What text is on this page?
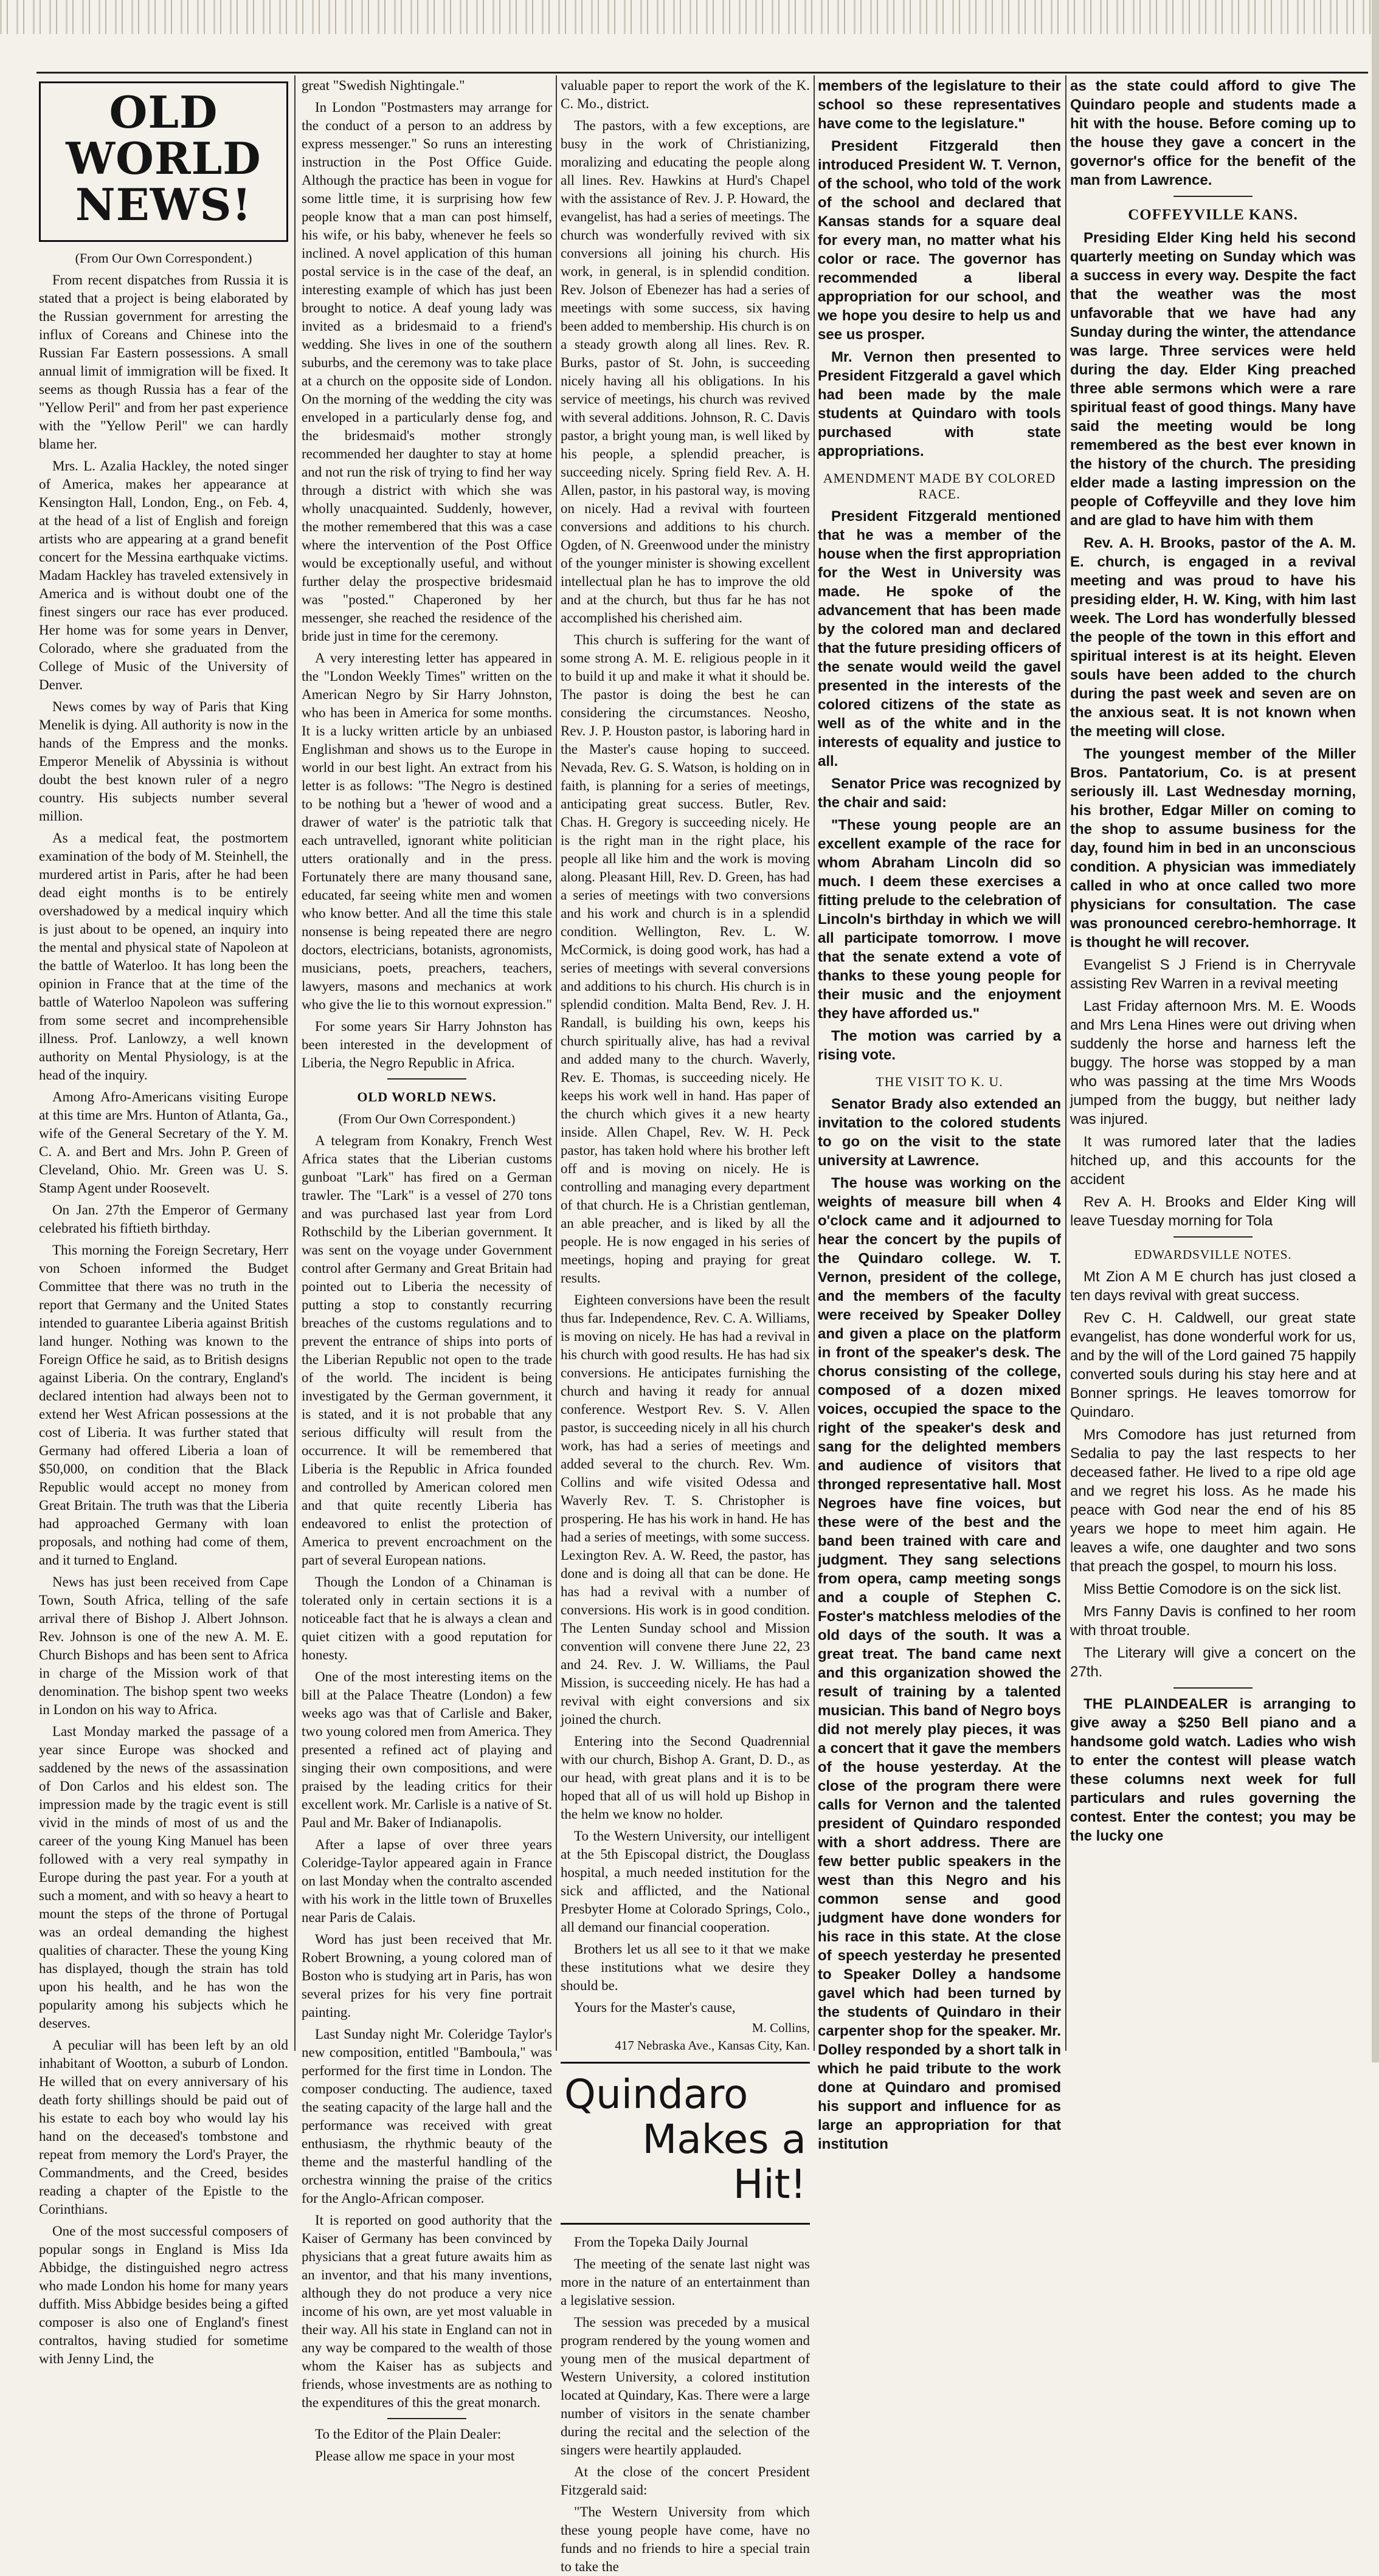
OLD WORLD NEWS!
(From Our Own Correspondent.)

From recent dispatches from Russia it is stated that a project is being elaborated by the Russian government for arresting the influx of Coreans and Chinese into the Russian Far Eastern possessions. A small annual limit of immigration will be fixed. It seems as though Russia has a fear of the "Yellow Peril" and from her past experience with the "Yellow Peril" we can hardly blame her.

Mrs. L. Azalia Hackley, the noted singer of America, makes her appearance at Kensington Hall, London, Eng., on Feb. 4, at the head of a list of English and foreign artists who are appearing at a grand benefit concert for the Messina earthquake victims. Madam Hackley has traveled extensively in America and is without doubt one of the finest singers our race has ever produced. Her home was for some years in Denver, Colorado, where she graduated from the College of Music of the University of Denver.

News comes by way of Paris that King Menelik is dying. All authority is now in the hands of the Empress and the monks. Emperor Menelik of Abyssinia is without doubt the best known ruler of a negro country. His subjects number several million.

As a medical feat, the postmortem examination of the body of M. Steinhell, the murdered artist in Paris, after he had been dead eight months is to be entirely overshadowed by a medical inquiry which is just about to be opened, an inquiry into the mental and physical state of Napoleon at the battle of Waterloo. It has long been the opinion in France that at the time of the battle of Waterloo Napoleon was suffering from some secret and incomprehensible illness. Prof. Lanlowzy, a well known authority on Mental Physiology, is at the head of the inquiry.

Among Afro-Americans visiting Europe at this time are Mrs. Hunton of Atlanta, Ga., wife of the General Secretary of the Y. M. C. A. and Bert and Mrs. John P. Green of Cleveland, Ohio. Mr. Green was U. S. Stamp Agent under Roosevelt.

On Jan. 27th the Emperor of Germany celebrated his fiftieth birthday.

This morning the Foreign Secretary, Herr von Schoen informed the Budget Committee that there was no truth in the report that Germany and the United States intended to guarantee Liberia against British land hunger. Nothing was known to the Foreign Office he said, as to British designs against Liberia. On the contrary, England's declared intention had always been not to extend her West African possessions at the cost of Liberia. It was further stated that Germany had offered Liberia a loan of $50,000, on condition that the Black Republic would accept no money from Great Britain. The truth was that the Liberia had approached Germany with loan proposals, and nothing had come of them, and it turned to England.

News has just been received from Cape Town, South Africa, telling of the safe arrival there of Bishop J. Albert Johnson. Rev. Johnson is one of the new A. M. E. Church Bishops and has been sent to Africa in charge of the Mission work of that denomination. The bishop spent two weeks in London on his way to Africa.

Last Monday marked the passage of a year since Europe was shocked and saddened by the news of the assassination of Don Carlos and his eldest son. The impression made by the tragic event is still vivid in the minds of most of us and the career of the young King Manuel has been followed with a very real sympathy in Europe during the past year. For a youth at such a moment, and with so heavy a heart to mount the steps of the throne of Portugal was an ordeal demanding the highest qualities of character. These the young King has displayed, though the strain has told upon his health, and he has won the popularity among his subjects which he deserves.

A peculiar will has been left by an old inhabitant of Wootton, a suburb of London. He willed that on every anniversary of his death forty shillings should be paid out of his estate to each boy who would lay his hand on the deceased's tombstone and repeat from memory the Lord's Prayer, the Commandments, and the Creed, besides reading a chapter of the Epistle to the Corinthians.

One of the most successful composers of popular songs in England is Miss Ida Abbidge, the distinguished negro actress who made London his home for many years duffith. Miss Abbidge besides being a gifted composer is also one of England's finest contraltos, having studied for sometime with Jenny Lind, the

great "Swedish Nightingale."

In London "Postmasters may arrange for the conduct of a person to an address by express messenger." So runs an interesting instruction in the Post Office Guide. Although the practice has been in vogue for some little time, it is surprising how few people know that a man can post himself, his wife, or his baby, whenever he feels so inclined. A novel application of this human postal service is in the case of the deaf, an interesting example of which has just been brought to notice. A deaf young lady was invited as a bridesmaid to a friend's wedding. She lives in one of the southern suburbs, and the ceremony was to take place at a church on the opposite side of London. On the morning of the wedding the city was enveloped in a particularly dense fog, and the bridesmaid's mother strongly recommended her daughter to stay at home and not run the risk of trying to find her way through a district with which she was wholly unacquainted. Suddenly, however, the mother remembered that this was a case where the intervention of the Post Office would be exceptionally useful, and without further delay the prospective bridesmaid was "posted." Chaperoned by her messenger, she reached the residence of the bride just in time for the ceremony.

A very interesting letter has appeared in the "London Weekly Times" written on the American Negro by Sir Harry Johnston, who has been in America for some months. It is a lucky written article by an unbiased Englishman and shows us to the Europe in world in our best light. An extract from his letter is as follows: "The Negro is destined to be nothing but a 'hewer of wood and a drawer of water' is the patriotic talk that each untravelled, ignorant white politician utters orationally and in the press. Fortunately there are many thousand sane, educated, far seeing white men and women who know better. And all the time this stale nonsense is being repeated there are negro doctors, electricians, botanists, agronomists, musicians, poets, preachers, teachers, lawyers, masons and mechanics at work who give the lie to this wornout expression."

For some years Sir Harry Johnston has been interested in the development of Liberia, the Negro Republic in Africa.

OLD WORLD NEWS.
(From Our Own Correspondent.)

A telegram from Konakry, French West Africa states that the Liberian customs gunboat "Lark" has fired on a German trawler. The "Lark" is a vessel of 270 tons and was purchased last year from Lord Rothschild by the Liberian government. It was sent on the voyage under Government control after Germany and Great Britain had pointed out to Liberia the necessity of putting a stop to constantly recurring breaches of the customs regulations and to prevent the entrance of ships into ports of the Liberian Republic not open to the trade of the world. The incident is being investigated by the German government, it is stated, and it is not probable that any serious difficulty will result from the occurrence. It will be remembered that Liberia is the Republic in Africa founded and controlled by American colored men and that quite recently Liberia has endeavored to enlist the protection of America to prevent encroachment on the part of several European nations.

Though the London of a Chinaman is tolerated only in certain sections it is a noticeable fact that he is always a clean and quiet citizen with a good reputation for honesty.

One of the most interesting items on the bill at the Palace Theatre (London) a few weeks ago was that of Carlisle and Baker, two young colored men from America. They presented a refined act of playing and singing their own compositions, and were praised by the leading critics for their excellent work. Mr. Carlisle is a native of St. Paul and Mr. Baker of Indianapolis.

After a lapse of over three years Coleridge-Taylor appeared again in France on last Monday when the contralto ascended with his work in the little town of Bruxelles near Paris de Calais.

Word has just been received that Mr. Robert Browning, a young colored man of Boston who is studying art in Paris, has won several prizes for his very fine portrait painting.

Last Sunday night Mr. Coleridge Taylor's new composition, entitled "Bamboula," was performed for the first time in London. The composer conducting. The audience, taxed the seating capacity of the large hall and the performance was received with great enthusiasm, the rhythmic beauty of the theme and the masterful handling of the orchestra winning the praise of the critics for the Anglo-African composer.

It is reported on good authority that the Kaiser of Germany has been convinced by physicians that a great future awaits him as an inventor, and that his many inventions, although they do not produce a very nice income of his own, are yet most valuable in their way. All his state in England can not in any way be compared to the wealth of those whom the Kaiser has as subjects and friends, whose investments are as nothing to the expenditures of this the great monarch.

To the Editor of the Plain Dealer:

Please allow me space in your most

valuable paper to report the work of the K. C. Mo., district.

The pastors, with a few exceptions, are busy in the work of Christianizing, moralizing and educating the people along all lines. Rev. Hawkins at Hurd's Chapel with the assistance of Rev. J. P. Howard, the evangelist, has had a series of meetings. The church was wonderfully revived with six conversions all joining his church. His work, in general, is in splendid condition. Rev. Jolson of Ebenezer has had a series of meetings with some success, six having been added to membership. His church is on a steady growth along all lines. Rev. R. Burks, pastor of St. John, is succeeding nicely having all his obligations. In his service of meetings, his church was revived with several additions. Johnson, R. C. Davis pastor, a bright young man, is well liked by his people, a splendid preacher, is succeeding nicely. Spring field Rev. A. H. Allen, pastor, in his pastoral way, is moving on nicely. Had a revival with fourteen conversions and additions to his church. Ogden, of N. Greenwood under the ministry of the younger minister is showing excellent intellectual plan he has to improve the old and at the church, but thus far he has not accomplished his cherished aim.

This church is suffering for the want of some strong A. M. E. religious people in it to build it up and make it what it should be. The pastor is doing the best he can considering the circumstances. Neosho, Rev. J. P. Houston pastor, is laboring hard in the Master's cause hoping to succeed. Nevada, Rev. G. S. Watson, is holding on in faith, is planning for a series of meetings, anticipating great success. Butler, Rev. Chas. H. Gregory is succeeding nicely. He is the right man in the right place, his people all like him and the work is moving along. Pleasant Hill, Rev. D. Green, has had a series of meetings with two conversions and his work and church is in a splendid condition. Wellington, Rev. L. W. McCormick, is doing good work, has had a series of meetings with several conversions and additions to his church. His church is in splendid condition. Malta Bend, Rev. J. H. Randall, is building his own, keeps his church spiritually alive, has had a revival and added many to the church. Waverly, Rev. E. Thomas, is succeeding nicely. He keeps his work well in hand. Has paper of the church which gives it a new hearty inside. Allen Chapel, Rev. W. H. Peck pastor, has taken hold where his brother left off and is moving on nicely. He is controlling and managing every department of that church. He is a Christian gentleman, an able preacher, and is liked by all the people. He is now engaged in his series of meetings, hoping and praying for great results.

Eighteen conversions have been the result thus far. Independence, Rev. C. A. Williams, is moving on nicely. He has had a revival in his church with good results. He has had six conversions. He anticipates furnishing the church and having it ready for annual conference. Westport Rev. S. V. Allen pastor, is succeeding nicely in all his church work, has had a series of meetings and added several to the church. Rev. Wm. Collins and wife visited Odessa and Waverly Rev. T. S. Christopher is prospering. He has his work in hand. He has had a series of meetings, with some success. Lexington Rev. A. W. Reed, the pastor, has done and is doing all that can be done. He has had a revival with a number of conversions. His work is in good condition. The Lenten Sunday school and Mission convention will convene there June 22, 23 and 24. Rev. J. W. Williams, the Paul Mission, is succeeding nicely. He has had a revival with eight conversions and six joined the church.

Entering into the Second Quadrennial with our church, Bishop A. Grant, D. D., as our head, with great plans and it is to be hoped that all of us will hold up Bishop in the helm we know no holder.

To the Western University, our intelligent at the 5th Episcopal district, the Douglass hospital, a much needed institution for the sick and afflicted, and the National Presbyter Home at Colorado Springs, Colo., all demand our financial cooperation.

Brothers let us all see to it that we make these institutions what we desire they should be.

Yours for the Master's cause,

M. Collins,
417 Nebraska Ave., Kansas City, Kan.
Quindaro
Makes a Hit!

From the Topeka Daily Journal

The meeting of the senate last night was more in the nature of an entertainment than a legislative session.

The session was preceded by a musical program rendered by the young women and young men of the musical department of Western University, a colored institution located at Quindary, Kas. There were a large number of visitors in the senate chamber during the recital and the selection of the singers were heartily applauded.

At the close of the concert President Fitzgerald said:

"The Western University from which these young people have come, have no funds and no friends to hire a special train to take the

members of the legislature to their school so these representatives have come to the legislature."

President Fitzgerald then introduced President W. T. Vernon, of the school, who told of the work of the school and declared that Kansas stands for a square deal for every man, no matter what his color or race. The governor has recommended a liberal appropriation for our school, and we hope you desire to help us and see us prosper.

Mr. Vernon then presented to President Fitzgerald a gavel which had been made by the male students at Quindaro with tools purchased with state appropriations.

AMENDMENT MADE BY COLORED RACE.

President Fitzgerald mentioned that he was a member of the house when the first appropriation for the West in University was made. He spoke of the advancement that has been made by the colored man and declared that the future presiding officers of the senate would weild the gavel presented in the interests of the colored citizens of the state as well as of the white and in the interests of equality and justice to all.

Senator Price was recognized by the chair and said:

"These young people are an excellent example of the race for whom Abraham Lincoln did so much. I deem these exercises a fitting prelude to the celebration of Lincoln's birthday in which we will all participate tomorrow. I move that the senate extend a vote of thanks to these young people for their music and the enjoyment they have afforded us."

The motion was carried by a rising vote.

THE VISIT TO K. U.

Senator Brady also extended an invitation to the colored students to go on the visit to the state university at Lawrence.

The house was working on the weights of measure bill when 4 o'clock came and it adjourned to hear the concert by the pupils of the Quindaro college. W. T. Vernon, president of the college, and the members of the faculty were received by Speaker Dolley and given a place on the platform in front of the speaker's desk. The chorus consisting of the college, composed of a dozen mixed voices, occupied the space to the right of the speaker's desk and sang for the delighted members and audience of visitors that thronged representative hall. Most Negroes have fine voices, but these were of the best and the band been trained with care and judgment. They sang selections from opera, camp meeting songs and a couple of Stephen C. Foster's matchless melodies of the old days of the south. It was a great treat. The band came next and this organization showed the result of training by a talented musician. This band of Negro boys did not merely play pieces, it was a concert that it gave the members of the house yesterday. At the close of the program there were calls for Vernon and the talented president of Quindaro responded with a short address. There are few better public speakers in the west than this Negro and his common sense and good judgment have done wonders for his race in this state. At the close of speech yesterday he presented to Speaker Dolley a handsome gavel which had been turned by the students of Quindaro in their carpenter shop for the speaker. Mr. Dolley responded by a short talk in which he paid tribute to the work done at Quindaro and promised his support and influence for as large an appropriation for that institution

as the state could afford to give The Quindaro people and students made a hit with the house. Before coming up to the house they gave a concert in the governor's office for the benefit of the man from Lawrence.

COFFEYVILLE KANS.

Presiding Elder King held his second quarterly meeting on Sunday which was a success in every way. Despite the fact that the weather was the most unfavorable that we have had any Sunday during the winter, the attendance was large. Three services were held during the day. Elder King preached three able sermons which were a rare spiritual feast of good things. Many have said the meeting would be long remembered as the best ever known in the history of the church. The presiding elder made a lasting impression on the people of Coffeyville and they love him and are glad to have him with them

Rev. A. H. Brooks, pastor of the A. M. E. church, is engaged in a revival meeting and was proud to have his presiding elder, H. W. King, with him last week. The Lord has wonderfully blessed the people of the town in this effort and spiritual interest is at its height. Eleven souls have been added to the church during the past week and seven are on the anxious seat. It is not known when the meeting will close.

The youngest member of the Miller Bros. Pantatorium, Co. is at present seriously ill. Last Wednesday morning, his brother, Edgar Miller on coming to the shop to assume business for the day, found him in bed in an unconscious condition. A physician was immediately called in who at once called two more physicians for consultation. The case was pronounced cerebro-hemhorrage. It is thought he will recover.

Evangelist S J Friend is in Cherryvale assisting Rev Warren in a revival meeting

Last Friday afternoon Mrs. M. E. Woods and Mrs Lena Hines were out driving when suddenly the horse and harness left the buggy. The horse was stopped by a man who was passing at the time Mrs Woods jumped from the buggy, but neither lady was injured.

It was rumored later that the ladies hitched up, and this accounts for the accident

Rev A. H. Brooks and Elder King will leave Tuesday morning for Tola

EDWARDSVILLE NOTES.

Mt Zion A M E church has just closed a ten days revival with great success.

Rev C. H. Caldwell, our great state evangelist, has done wonderful work for us, and by the will of the Lord gained 75 happily converted souls during his stay here and at Bonner springs. He leaves tomorrow for Quindaro.

Mrs Comodore has just returned from Sedalia to pay the last respects to her deceased father. He lived to a ripe old age and we regret his loss. As he made his peace with God near the end of his 85 years we hope to meet him again. He leaves a wife, one daughter and two sons that preach the gospel, to mourn his loss.

Miss Bettie Comodore is on the sick list.

Mrs Fanny Davis is confined to her room with throat trouble.

The Literary will give a concert on the 27th.

THE PLAINDEALER is arranging to give away a $250 Bell piano and a handsome gold watch. Ladies who wish to enter the contest will please watch these columns next week for full particulars and rules governing the contest. Enter the contest; you may be the lucky one
